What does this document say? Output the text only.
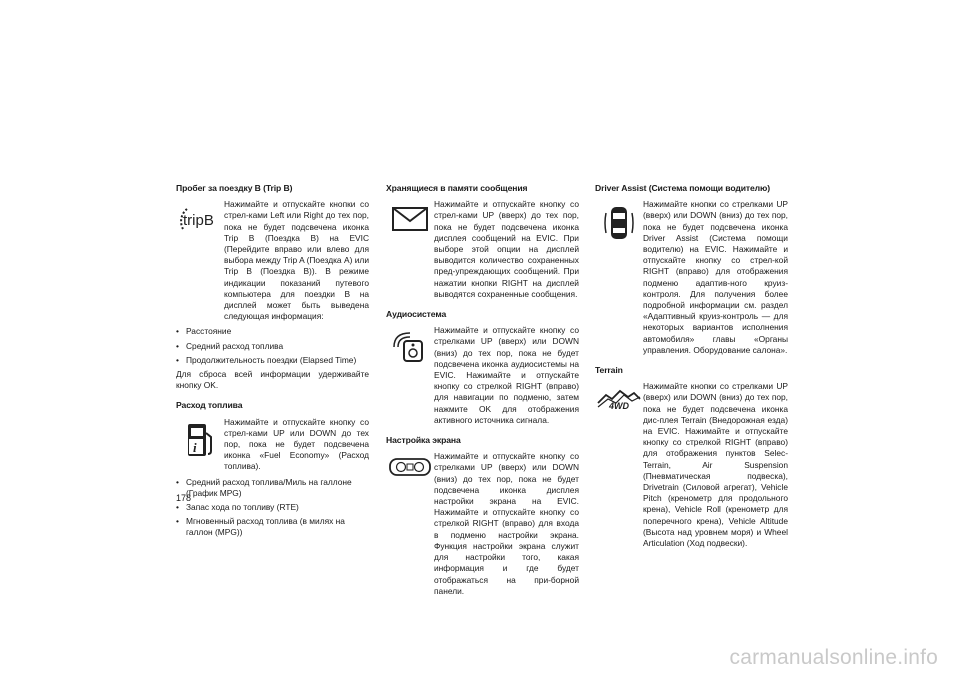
Пробег за поездку B (Trip B)

tripB

Нажимайте и отпускайте кнопки со стрел-ками Left или Right до тех пор, пока не будет подсвечена иконка Trip B (Поездка B) на EVIC (Перейдите вправо или влево для выбора между Trip A (Поездка A) или Trip B (Поездка B)). В режиме индикации показаний путевого компьютера для поездки B на дисплей может быть выведена следующая информация:

• Расстояние
• Средний расход топлива
• Продолжительность поездки (Elapsed Time)

Для сброса всей информации удерживайте кнопку OK.

Расход топлива

i

Нажимайте и отпускайте кнопку со стрел-ками UP или DOWN до тех пор, пока не будет подсвечена иконка «Fuel Economy» (Расход топлива).

• Средний расход топлива/Миль на галлоне (График MPG)
• Запас хода по топливу (RTE)
• Мгновенный расход топлива (в милях на галлон (MPG))

Хранящиеся в памяти сообщения

Нажимайте и отпускайте кнопку со стрел-ками UP (вверх) до тех пор, пока не будет подсвечена иконка дисплея сообщений на EVIC. При выборе этой опции на дисплей выводится количество сохраненных пред-упреждающих сообщений. При нажатии кнопки RIGHT на дисплей выводятся сохраненные сообщения.

Аудиосистема

Нажимайте и отпускайте кнопку со стрелками UP (вверх) или DOWN (вниз) до тех пор, пока не будет подсвечена иконка аудиосистемы на EVIC. Нажимайте и отпускайте кнопку со стрелкой RIGHT (вправо) для навигации по подменю, затем нажмите OK для отображения активного источника сигнала.

Настройка экрана

Нажимайте и отпускайте кнопку со стрелками UP (вверх) или DOWN (вниз) до тех пор, пока не будет подсвечена иконка дисплея настройки экрана на EVIC. Нажимайте и отпускайте кнопку со стрелкой RIGHT (вправо) для входа в подменю настройки экрана. Функция настройки экрана служит для настройки того, какая информация и где будет отображаться на при-борной панели.

Driver Assist (Система помощи водителю)

Нажимайте кнопки со стрелками UP (вверх) или DOWN (вниз) до тех пор, пока не будет подсвечена иконка Driver Assist (Система помощи водителю) на EVIC. Нажимайте и отпускайте кнопку со стрел-кой RIGHT (вправо) для отображения подменю адаптив-ного круиз-контроля. Для получения более подробной информации см. раздел «Адаптивный круиз-контроль — для некоторых вариантов исполнения автомобиля» главы «Органы управления. Оборудование салона».

Terrain

4WD

Нажимайте кнопки со стрелками UP (вверх) или DOWN (вниз) до тех пор, пока не будет подсвечена иконка дис-плея Terrain (Внедорожная езда) на EVIC. Нажимайте и отпускайте кнопку со стрелкой RIGHT (вправо) для отображения пунктов Selec-Terrain, Air Suspension (Пневматическая подвеска), Drivetrain (Силовой агрегат), Vehicle Pitch (кренометр для продольного крена), Vehicle Roll (кренометр для поперечного крена), Vehicle Altitude (Высота над уровнем моря) и Wheel Articulation (Ход подвески).

178
carmanualsonline.info
